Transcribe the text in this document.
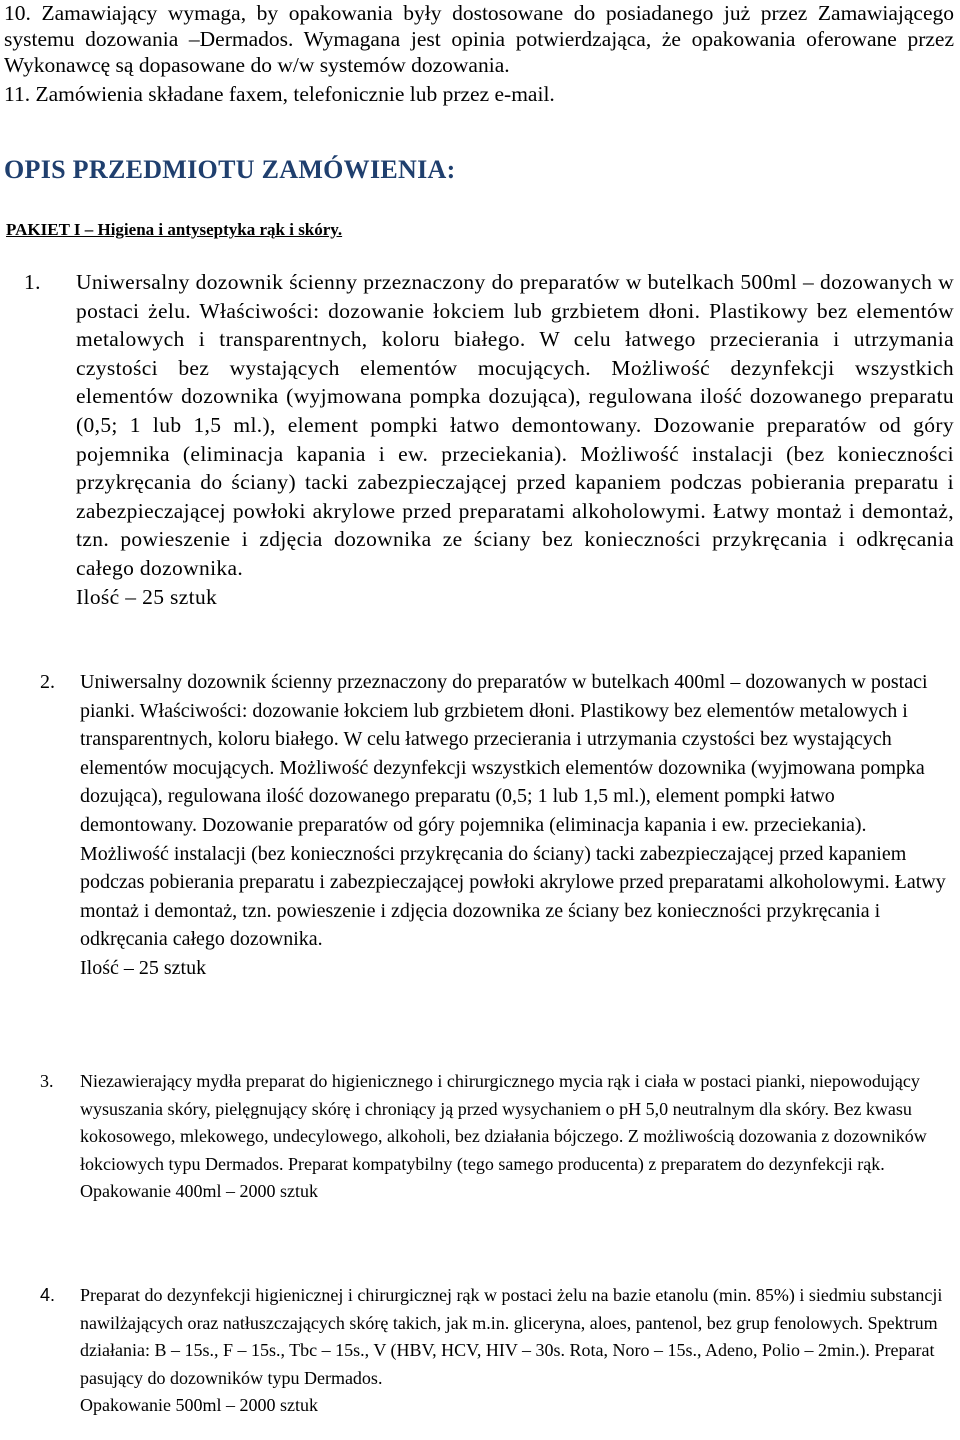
10. Zamawiający wymaga, by opakowania były dostosowane do posiadanego już przez Zamawiającego systemu dozowania –Dermados. Wymagana jest opinia potwierdzająca, że opakowania oferowane przez Wykonawcę są dopasowane do w/w systemów dozowania.

11. Zamówienia składane faxem, telefonicznie lub przez e-mail.

OPIS PRZEDMIOTU ZAMÓWIENIA:
PAKIET I – Higiena i antyseptyka rąk i skóry.
1.	Uniwersalny dozownik ścienny przeznaczony do preparatów w butelkach 500ml – dozowanych w postaci żelu. Właściwości: dozowanie łokciem lub grzbietem dłoni. Plastikowy bez elementów metalowych i transparentnych, koloru białego. W celu łatwego przecierania i utrzymania czystości bez wystających elementów mocujących. Możliwość dezynfekcji wszystkich elementów dozownika (wyjmowana pompka dozująca), regulowana ilość dozowanego preparatu (0,5; 1 lub 1,5 ml.), element pompki łatwo demontowany. Dozowanie preparatów od góry pojemnika (eliminacja kapania i ew. przeciekania). Możliwość instalacji (bez konieczności przykręcania do ściany) tacki zabezpieczającej przed kapaniem podczas pobierania preparatu i zabezpieczającej powłoki akrylowe przed preparatami alkoholowymi. Łatwy montaż i demontaż, tzn. powieszenie i zdjęcia dozownika ze ściany bez konieczności przykręcania i odkręcania całego dozownika.

Ilość – 25 sztuk

2.	Uniwersalny dozownik ścienny przeznaczony do preparatów w butelkach 400ml – dozowanych w postaci pianki. Właściwości: dozowanie łokciem lub grzbietem dłoni. Plastikowy bez elementów metalowych i transparentnych, koloru białego. W celu łatwego przecierania i utrzymania czystości bez wystających elementów mocujących. Możliwość dezynfekcji wszystkich elementów dozownika (wyjmowana pompka dozująca), regulowana ilość dozowanego preparatu (0,5; 1 lub 1,5 ml.), element pompki łatwo demontowany. Dozowanie preparatów od góry pojemnika (eliminacja kapania i ew. przeciekania). Możliwość instalacji (bez konieczności przykręcania do ściany) tacki zabezpieczającej przed kapaniem podczas pobierania preparatu i zabezpieczającej powłoki akrylowe przed preparatami alkoholowymi. Łatwy montaż i demontaż, tzn. powieszenie i zdjęcia dozownika ze ściany bez konieczności przykręcania i odkręcania całego dozownika.

Ilość – 25 sztuk

3.	Niezawierający mydła preparat do higienicznego i chirurgicznego mycia rąk i ciała w postaci pianki, niepowodujący wysuszania skóry, pielęgnujący skórę i chroniący ją przed wysychaniem o pH 5,0 neutralnym dla skóry. Bez kwasu kokosowego, mlekowego, undecylowego, alkoholi, bez działania bójczego. Z możliwością dozowania z dozowników łokciowych typu Dermados. Preparat kompatybilny (tego samego producenta) z preparatem do dezynfekcji rąk.

Opakowanie 400ml – 2000 sztuk

4.	Preparat do dezynfekcji higienicznej i chirurgicznej rąk w postaci żelu na bazie etanolu (min. 85%) i siedmiu substancji nawilżających oraz natłuszczających skórę takich, jak m.in. gliceryna, aloes, pantenol, bez grup fenolowych. Spektrum działania: B – 15s., F – 15s., Tbc – 15s., V (HBV, HCV, HIV – 30s. Rota, Noro – 15s., Adeno, Polio – 2min.). Preparat pasujący do dozowników typu Dermados.

Opakowanie 500ml – 2000 sztuk
